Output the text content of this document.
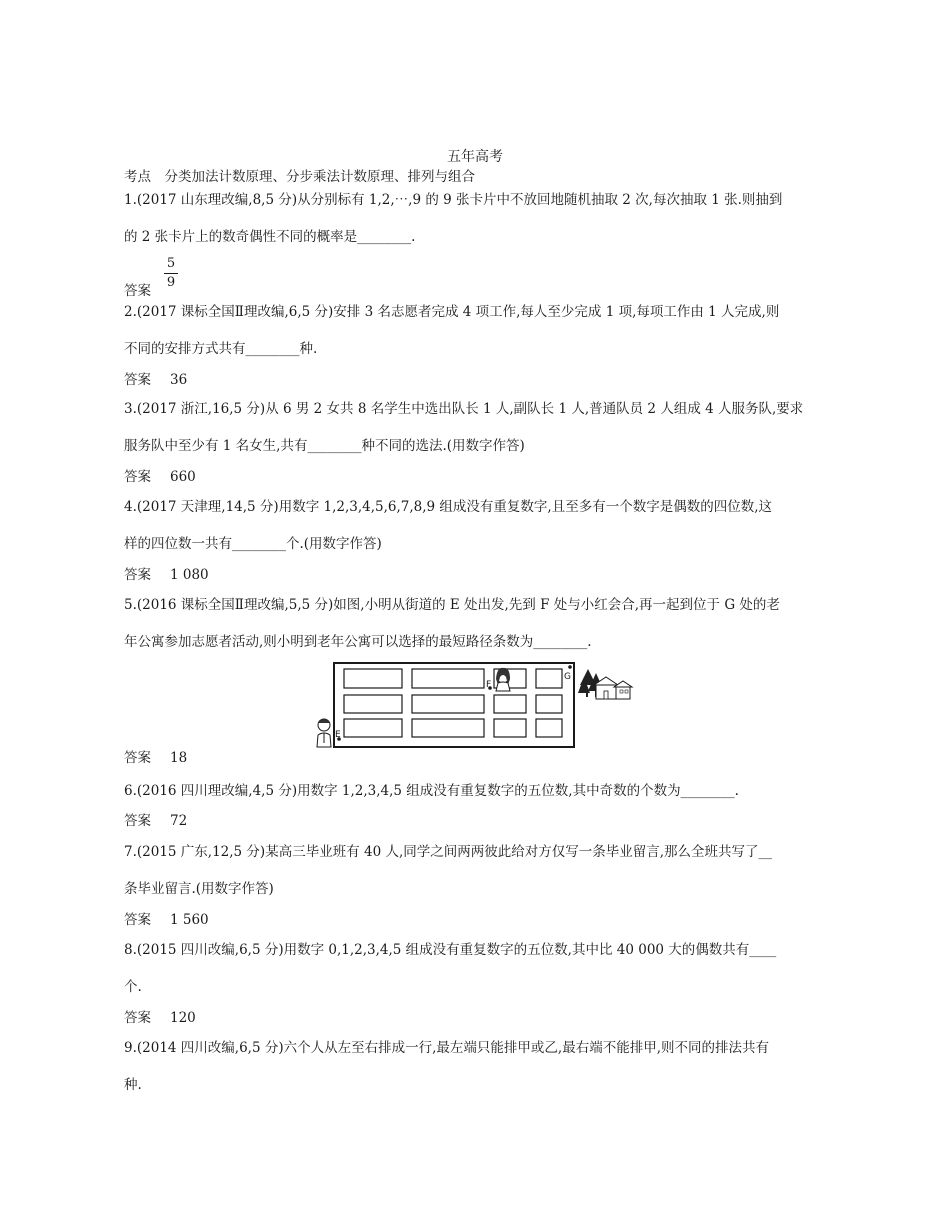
五年高考
考点　分类加法计数原理、分步乘法计数原理、排列与组合
1.(2017 山东理改编,8,5 分)从分别标有 1,2,⋯,9 的 9 张卡片中不放回地随机抽取 2 次,每次抽取 1 张.则抽到
的 2 张卡片上的数奇偶性不同的概率是________.
5
9
答案
2.(2017 课标全国Ⅱ理改编,6,5 分)安排 3 名志愿者完成 4 项工作,每人至少完成 1 项,每项工作由 1 人完成,则
不同的安排方式共有________种.
答案 36
3.(2017 浙江,16,5 分)从 6 男 2 女共 8 名学生中选出队长 1 人,副队长 1 人,普通队员 2 人组成 4 人服务队,要求
服务队中至少有 1 名女生,共有________种不同的选法.(用数字作答)
答案 660
4.(2017 天津理,14,5 分)用数字 1,2,3,4,5,6,7,8,9 组成没有重复数字,且至多有一个数字是偶数的四位数,这
样的四位数一共有________个.(用数字作答)
答案 1 080
5.(2016 课标全国Ⅱ理改编,5,5 分)如图,小明从街道的 E 处出发,先到 F 处与小红会合,再一起到位于 G 处的老
年公寓参加志愿者活动,则小明到老年公寓可以选择的最短路径条数为________.
E
F
G
答案 18
6.(2016 四川理改编,4,5 分)用数字 1,2,3,4,5 组成没有重复数字的五位数,其中奇数的个数为________.
答案 72
7.(2015 广东,12,5 分)某高三毕业班有 40 人,同学之间两两彼此给对方仅写一条毕业留言,那么全班共写了__
条毕业留言.(用数字作答)
答案 1 560
8.(2015 四川改编,6,5 分)用数字 0,1,2,3,4,5 组成没有重复数字的五位数,其中比 40 000 大的偶数共有____
个.
答案 120
9.(2014 四川改编,6,5 分)六个人从左至右排成一行,最左端只能排甲或乙,最右端不能排甲,则不同的排法共有
种.
